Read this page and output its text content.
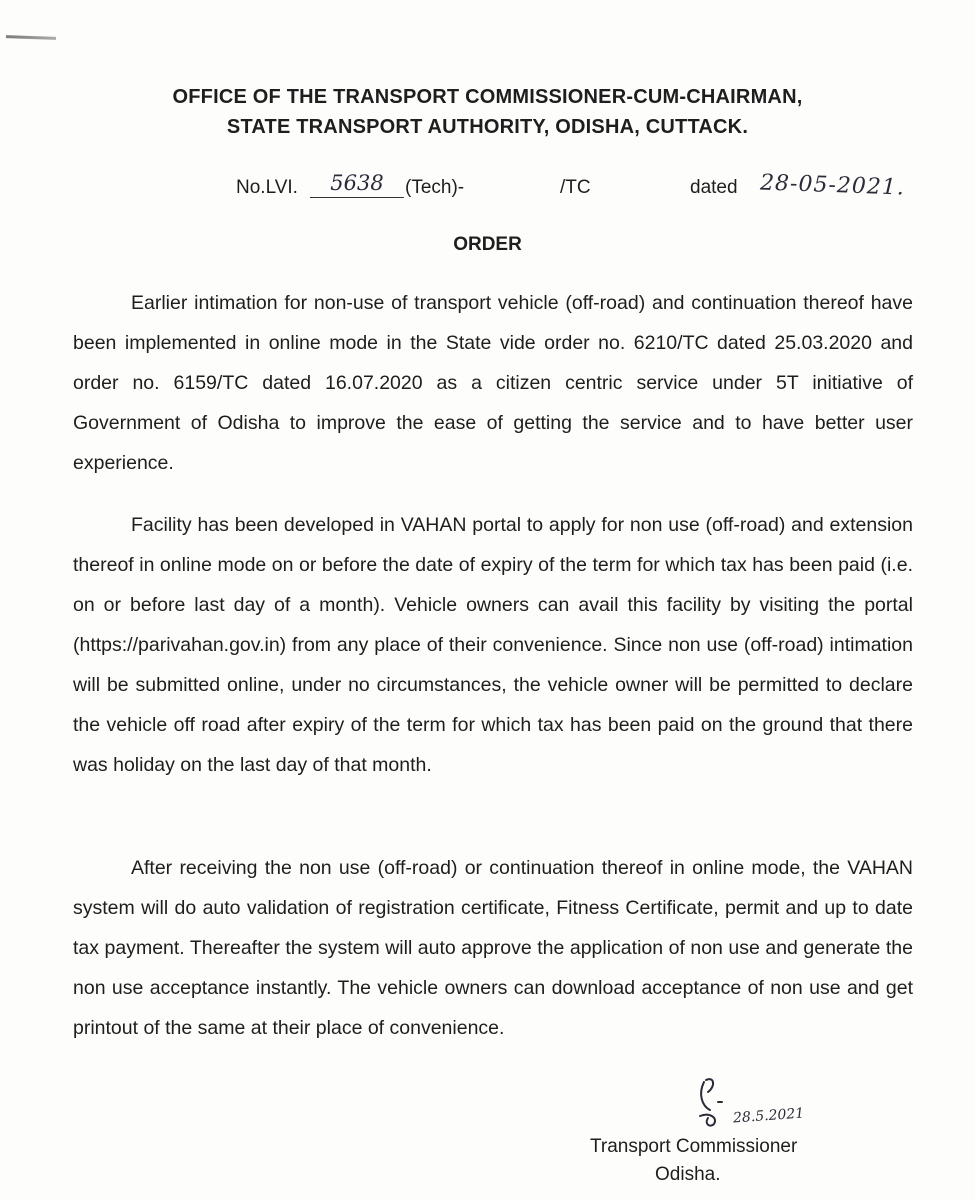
OFFICE OF THE TRANSPORT COMMISSIONER-CUM-CHAIRMAN,
STATE TRANSPORT AUTHORITY, ODISHA, CUTTACK.
No.LVI.	5638	(Tech)-	/TC	dated 28-05-2021.
ORDER
Earlier intimation for non-use of transport vehicle (off-road) and continuation thereof have been implemented in online mode in the State vide order no. 6210/TC dated 25.03.2020 and order no. 6159/TC dated 16.07.2020 as a citizen centric service under 5T initiative of Government of Odisha to improve the ease of getting the service and to have better user experience.
Facility has been developed in VAHAN portal to apply for non use (off-road) and extension thereof in online mode on or before the date of expiry of the term for which tax has been paid (i.e. on or before last day of a month). Vehicle owners can avail this facility by visiting the portal (https://parivahan.gov.in) from any place of their convenience. Since non use (off-road) intimation will be submitted online, under no circumstances, the vehicle owner will be permitted to declare the vehicle off road after expiry of the term for which tax has been paid on the ground that there was holiday on the last day of that month.
After receiving the non use (off-road) or continuation thereof in online mode, the VAHAN system will do auto validation of registration certificate, Fitness Certificate, permit and up to date tax payment. Thereafter the system will auto approve the application of non use and generate the non use acceptance instantly. The vehicle owners can download acceptance of non use and get printout of the same at their place of convenience.
28.5.2021
Transport Commissioner
Odisha.
